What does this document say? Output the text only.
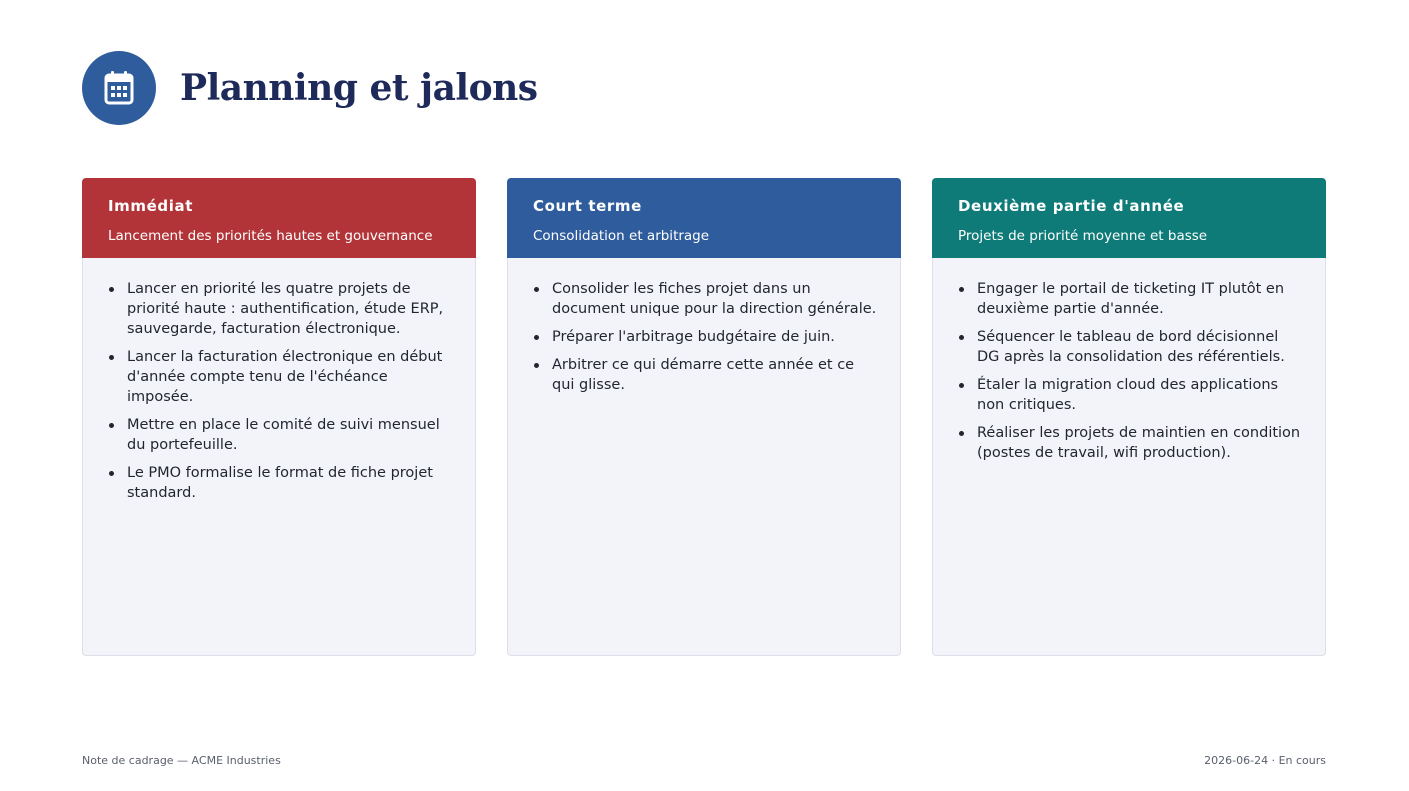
Planning et jalons
Immédiat
Lancement des priorités hautes et gouvernance
Lancer en priorité les quatre projets de priorité haute : authentification, étude ERP, sauvegarde, facturation électronique.
Lancer la facturation électronique en début d'année compte tenu de l'échéance imposée.
Mettre en place le comité de suivi mensuel du portefeuille.
Le PMO formalise le format de fiche projet standard.
Court terme
Consolidation et arbitrage
Consolider les fiches projet dans un document unique pour la direction générale.
Préparer l'arbitrage budgétaire de juin.
Arbitrer ce qui démarre cette année et ce qui glisse.
Deuxième partie d'année
Projets de priorité moyenne et basse
Engager le portail de ticketing IT plutôt en deuxième partie d'année.
Séquencer le tableau de bord décisionnel DG après la consolidation des référentiels.
Étaler la migration cloud des applications non critiques.
Réaliser les projets de maintien en condition (postes de travail, wifi production).
Note de cadrage — ACME Industries	2026-06-24 · En cours
